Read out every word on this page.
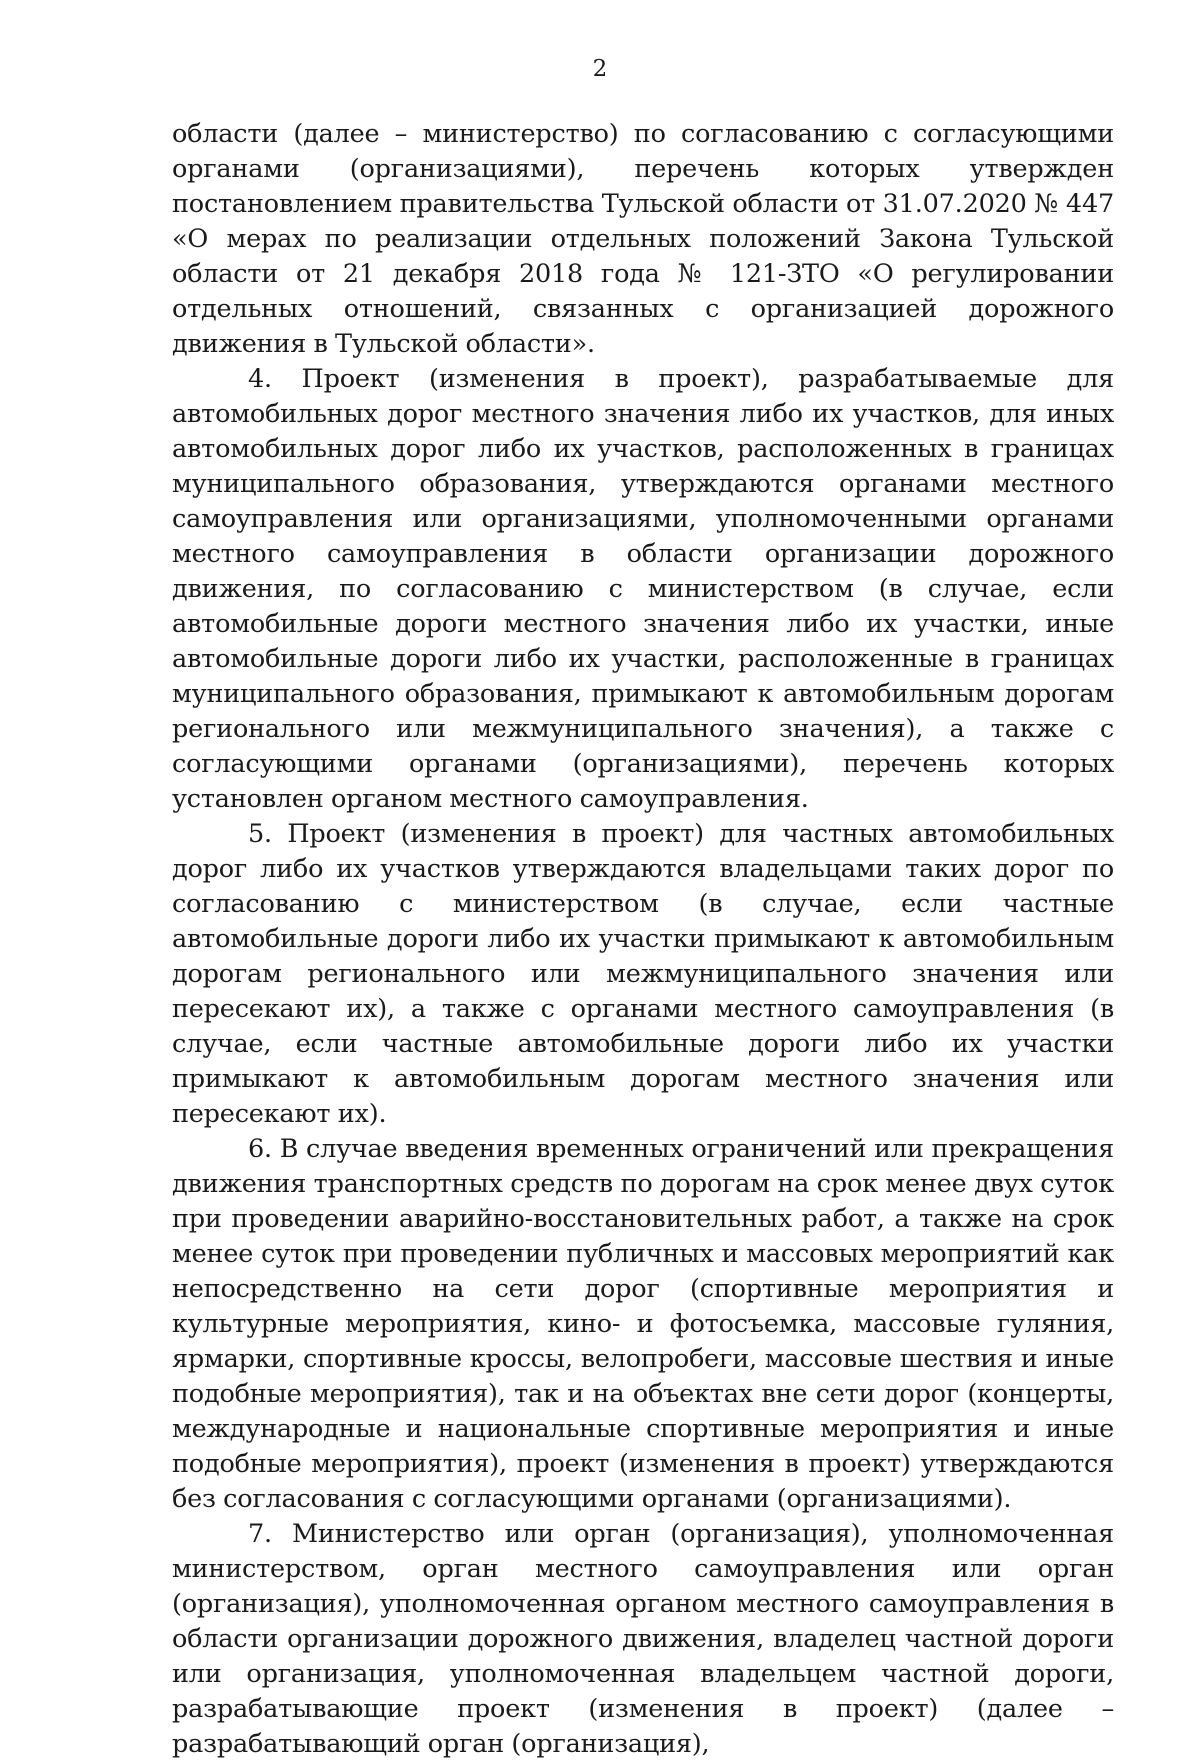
2

области (далее – министерство) по согласованию с согласующими органами (организациями), перечень которых утвержден постановлением правительства Тульской области от 31.07.2020 № 447 «О мерах по реализации отдельных положений Закона Тульской области от 21 декабря 2018 года № 121-ЗТО «О регулировании отдельных отношений, связанных с организацией дорожного движения в Тульской области».

4. Проект (изменения в проект), разрабатываемые для автомобильных дорог местного значения либо их участков, для иных автомобильных дорог либо их участков, расположенных в границах муниципального образования, утверждаются органами местного самоуправления или организациями, уполномоченными органами местного самоуправления в области организации дорожного движения, по согласованию с министерством (в случае, если автомобильные дороги местного значения либо их участки, иные автомобильные дороги либо их участки, расположенные в границах муниципального образования, примыкают к автомобильным дорогам регионального или межмуниципального значения), а также с согласующими органами (организациями), перечень которых установлен органом местного самоуправления.

5. Проект (изменения в проект) для частных автомобильных дорог либо их участков утверждаются владельцами таких дорог по согласованию с министерством (в случае, если частные автомобильные дороги либо их участки примыкают к автомобильным дорогам регионального или межмуниципального значения или пересекают их), а также с органами местного самоуправления (в случае, если частные автомобильные дороги либо их участки примыкают к автомобильным дорогам местного значения или пересекают их).

6. В случае введения временных ограничений или прекращения движения транспортных средств по дорогам на срок менее двух суток при проведении аварийно-восстановительных работ, а также на срок менее суток при проведении публичных и массовых мероприятий как непосредственно на сети дорог (спортивные мероприятия и культурные мероприятия, кино- и фотосъемка, массовые гуляния, ярмарки, спортивные кроссы, велопробеги, массовые шествия и иные подобные мероприятия), так и на объектах вне сети дорог (концерты, международные и национальные спортивные мероприятия и иные подобные мероприятия), проект (изменения в проект) утверждаются без согласования с согласующими органами (организациями).

7. Министерство или орган (организация), уполномоченная министерством, орган местного самоуправления или орган (организация), уполномоченная органом местного самоуправления в области организации дорожного движения, владелец частной дороги или организация, уполномоченная владельцем частной дороги, разрабатывающие проект (изменения в проект) (далее – разрабатывающий орган (организация),
